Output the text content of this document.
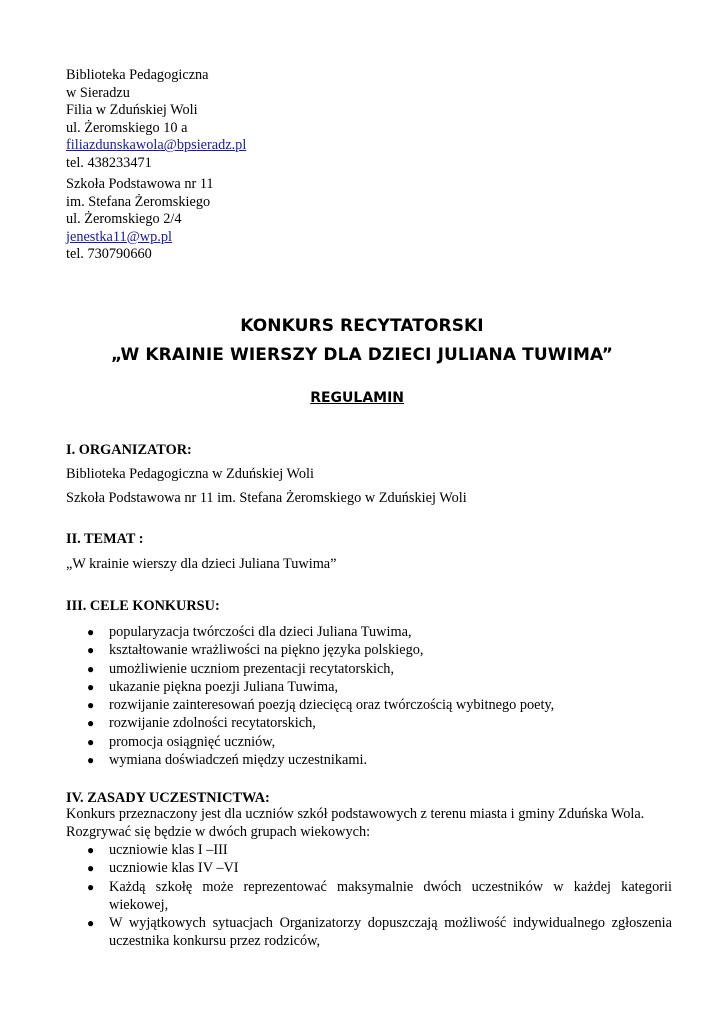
Biblioteka Pedagogiczna
w Sieradzu
Filia w Zduńskiej Woli
ul. Żeromskiego 10 a
filiazdunskawola@bpsieradz.pl
tel. 438233471
Szkoła Podstawowa nr 11
im. Stefana Żeromskiego
ul. Żeromskiego 2/4
jenestka11@wp.pl
tel. 730790660
KONKURS RECYTATORSKI
„W KRAINIE WIERSZY DLA DZIECI JULIANA TUWIMA”
REGULAMIN
I. ORGANIZATOR:
Biblioteka Pedagogiczna w Zduńskiej Woli
Szkoła Podstawowa nr 11 im. Stefana Żeromskiego w Zduńskiej Woli
II. TEMAT :
„W krainie wierszy dla dzieci Juliana Tuwima”
III. CELE KONKURSU:
● popularyzacja twórczości dla dzieci Juliana Tuwima,
● kształtowanie wrażliwości na piękno języka polskiego,
● umożliwienie uczniom prezentacji recytatorskich,
● ukazanie piękna poezji Juliana Tuwima,
● rozwijanie zainteresowań poezją dziecięcą oraz twórczością wybitnego poety,
● rozwijanie zdolności recytatorskich,
● promocja osiągnięć uczniów,
● wymiana doświadczeń między uczestnikami.
IV. ZASADY UCZESTNICTWA:
Konkurs przeznaczony jest dla uczniów szkół podstawowych z terenu miasta i gminy Zduńska Wola.
Rozgrywać się będzie w dwóch grupach wiekowych:
● uczniowie klas I –III
● uczniowie klas IV –VI
● Każdą szkołę może reprezentować maksymalnie dwóch uczestników w każdej kategorii wiekowej,
● W wyjątkowych sytuacjach Organizatorzy dopuszczają możliwość indywidualnego zgłoszenia uczestnika konkursu przez rodziców,
